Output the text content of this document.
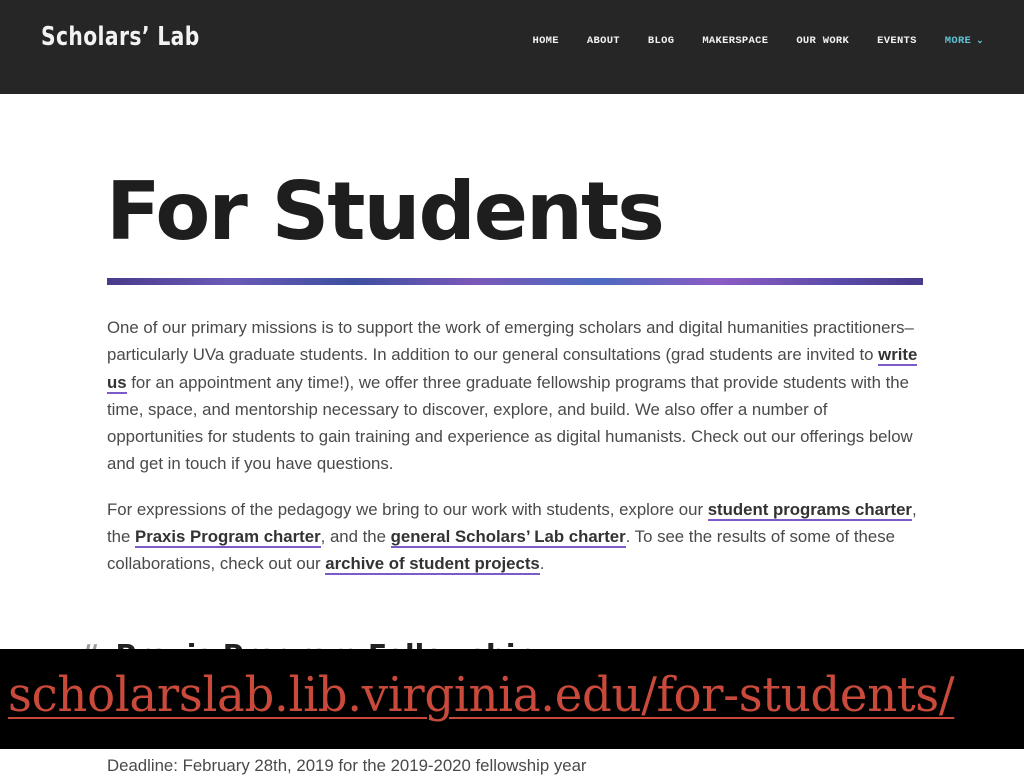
Scholars’ Lab	HOME	ABOUT	BLOG	MAKERSPACE	OUR WORK	EVENTS	MORE ⌄
For Students

One of our primary missions is to support the work of emerging scholars and digital humanities practitioners–particularly UVa graduate students. In addition to our general consultations (grad students are invited to write us for an appointment any time!), we offer three graduate fellowship programs that provide students with the time, space, and mentorship necessary to discover, explore, and build. We also offer a number of opportunities for students to gain training and experience as digital humanists. Check out our offerings below and get in touch if you have questions.

For expressions of the pedagogy we bring to our work with students, explore our student programs charter, the Praxis Program charter, and the general Scholars’ Lab charter. To see the results of some of these collaborations, check out our archive of student projects.

Deadline: February 28th, 2019 for the 2019-2020 fellowship year
scholarslab.lib.virginia.edu/for-students/
